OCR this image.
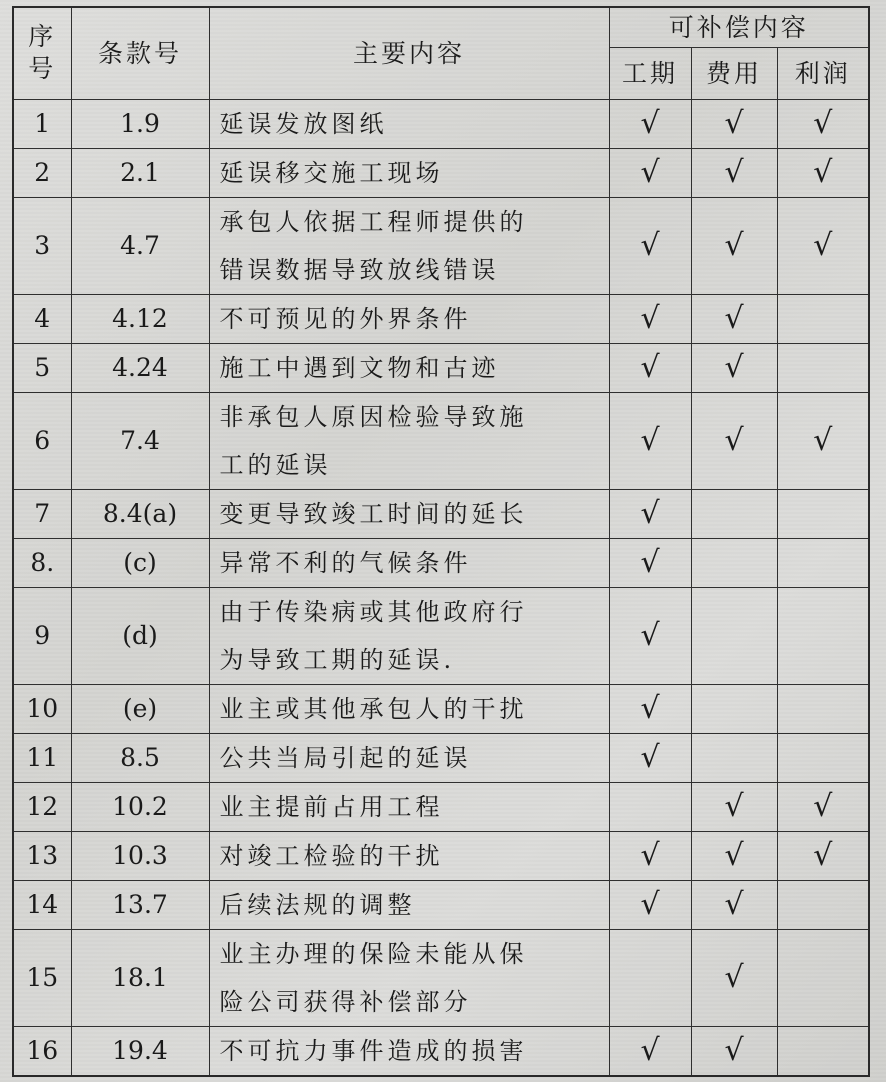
序
号	条款号	主要内容	可补偿内容		
			工期	费用	利润
1	1.9	延误发放图纸	√	√	√
2	2.1	延误移交施工现场	√	√	√
3	4.7	承包人依据工程师提供的
错误数据导致放线错误	√	√	√
4	4.12	不可预见的外界条件	√	√	
5	4.24	施工中遇到文物和古迹	√	√	
6	7.4	非承包人原因检验导致施
工的延误	√	√	√
7	8.4(a)	变更导致竣工时间的延长	√		
8.	(c)	异常不利的气候条件	√		
9	(d)	由于传染病或其他政府行
为导致工期的延误.	√		
10	(e)	业主或其他承包人的干扰	√		
11	8.5	公共当局引起的延误	√		
12	10.2	业主提前占用工程		√	√
13	10.3	对竣工检验的干扰	√	√	√
14	13.7	后续法规的调整	√	√	
15	18.1	业主办理的保险未能从保
险公司获得补偿部分		√	
16	19.4	不可抗力事件造成的损害	√	√	
